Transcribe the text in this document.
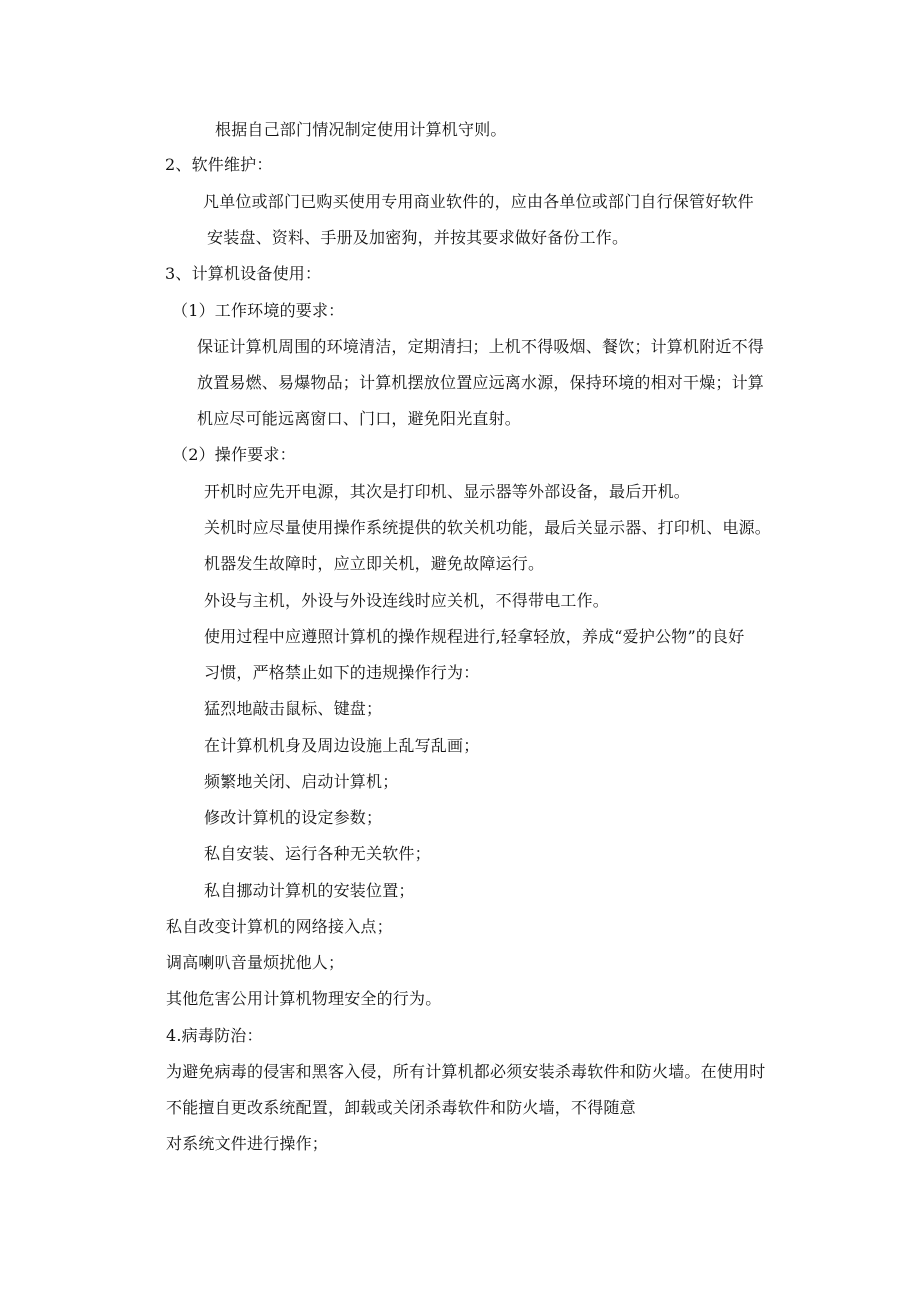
根据自己部门情况制定使用计算机守则。
2、软件维护：
凡单位或部门已购买使用专用商业软件的，应由各单位或部门自行保管好软件
安装盘、资料、手册及加密狗，并按其要求做好备份工作。
3、计算机设备使用：
（1）工作环境的要求：
保证计算机周围的环境清洁，定期清扫；上机不得吸烟、餐饮；计算机附近不得
放置易燃、易爆物品；计算机摆放位置应远离水源，保持环境的相对干燥；计算
机应尽可能远离窗口、门口，避免阳光直射。
（2）操作要求：
开机时应先开电源，其次是打印机、显示器等外部设备，最后开机。
关机时应尽量使用操作系统提供的软关机功能，最后关显示器、打印机、电源。
机器发生故障时，应立即关机，避免故障运行。
外设与主机，外设与外设连线时应关机，不得带电工作。
使用过程中应遵照计算机的操作规程进行,轻拿轻放，养成“爱护公物”的良好
习惯，严格禁止如下的违规操作行为：
猛烈地敲击鼠标、键盘；
在计算机机身及周边设施上乱写乱画；
频繁地关闭、启动计算机；
修改计算机的设定参数；
私自安装、运行各种无关软件；
私自挪动计算机的安装位置；
私自改变计算机的网络接入点；
调高喇叭音量烦扰他人；
其他危害公用计算机物理安全的行为。
4.病毒防治：
为避免病毒的侵害和黑客入侵，所有计算机都必须安装杀毒软件和防火墙。在使用时
不能擅自更改系统配置，卸载或关闭杀毒软件和防火墙，不得随意
对系统文件进行操作；
